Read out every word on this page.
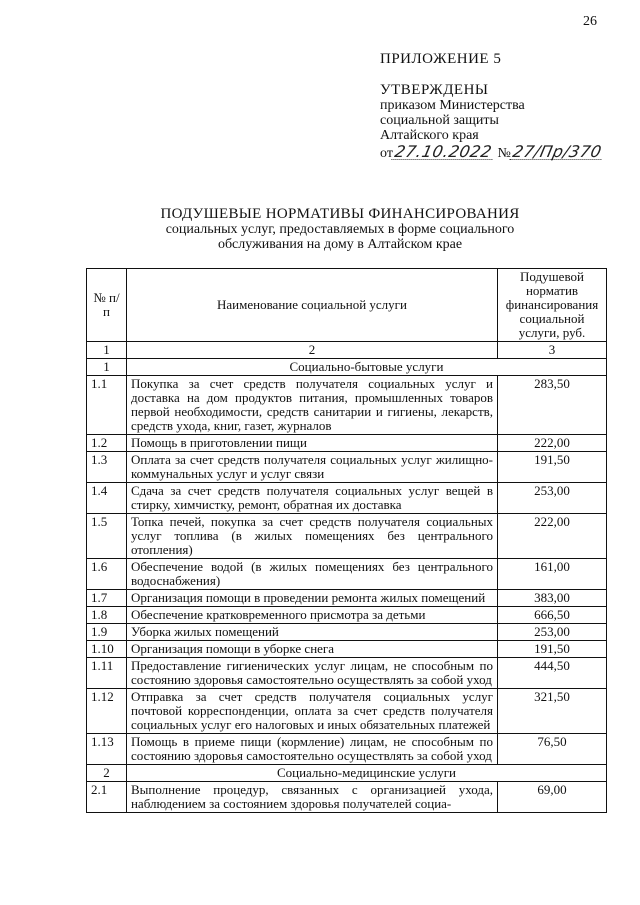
26
ПРИЛОЖЕНИЕ 5
УТВЕРЖДЕНЫ
приказом Министерства
социальной защиты
Алтайского края
от 27.10.2022 № 27/Пр/370
ПОДУШЕВЫЕ НОРМАТИВЫ ФИНАНСИРОВАНИЯ
социальных услуг, предоставляемых в форме социального
обслуживания на дому в Алтайском крае
№ п/п	Наименование социальной услуги	Подушевой норматив финансирования социальной услуги, руб.
1	2	3
1	Социально-бытовые услуги	
1.1	Покупка за счет средств получателя социальных услуг и доставка на дом продуктов питания, промышленных товаров первой необходимости, средств санитарии и гигиены, лекарств, средств ухода, книг, газет, журналов	283,50
1.2	Помощь в приготовлении пищи	222,00
1.3	Оплата за счет средств получателя социальных услуг жилищно-коммунальных услуг и услуг связи	191,50
1.4	Сдача за счет средств получателя социальных услуг вещей в стирку, химчистку, ремонт, обратная их доставка	253,00
1.5	Топка печей, покупка за счет средств получателя социальных услуг топлива (в жилых помещениях без центрального отопления)	222,00
1.6	Обеспечение водой (в жилых помещениях без центрального водоснабжения)	161,00
1.7	Организация помощи в проведении ремонта жилых помещений	383,00
1.8	Обеспечение кратковременного присмотра за детьми	666,50
1.9	Уборка жилых помещений	253,00
1.10	Организация помощи в уборке снега	191,50
1.11	Предоставление гигиенических услуг лицам, не способным по состоянию здоровья самостоятельно осуществлять за собой уход	444,50
1.12	Отправка за счет средств получателя социальных услуг почтовой корреспонденции, оплата за счет средств получателя социальных услуг его налоговых и иных обязательных платежей	321,50
1.13	Помощь в приеме пищи (кормление) лицам, не способным по состоянию здоровья самостоятельно осуществлять за собой уход	76,50
2	Социально-медицинские услуги	
2.1	Выполнение процедур, связанных с организацией ухода, наблюдением за состоянием здоровья получателей социа-	69,00
